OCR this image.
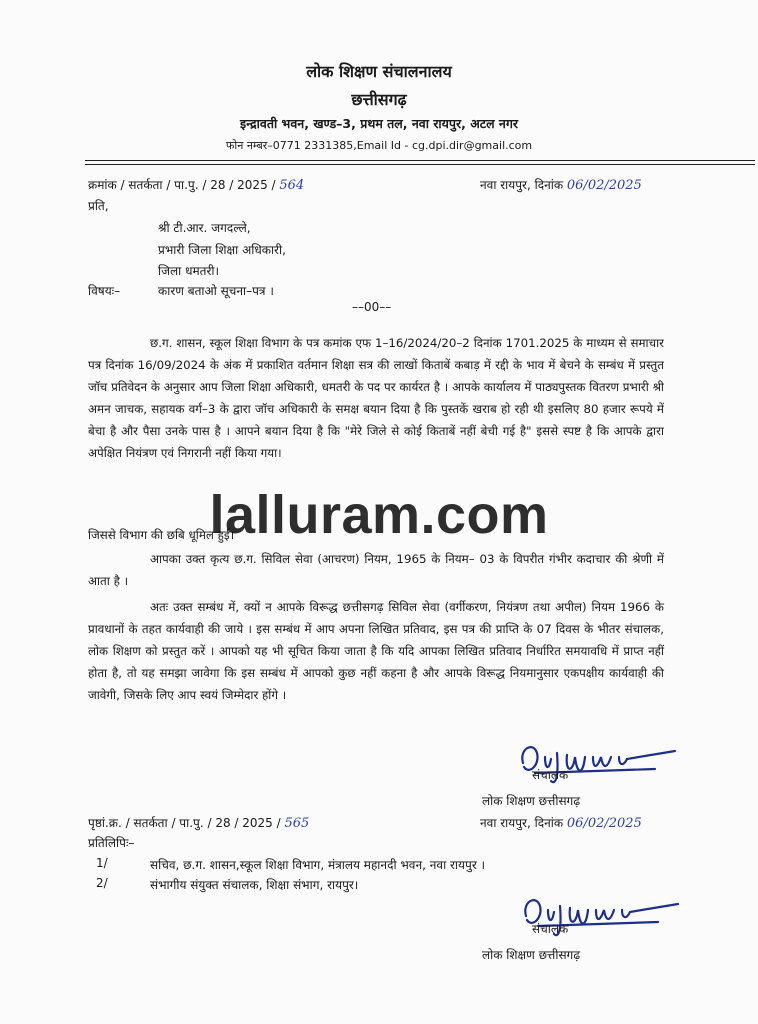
लोक शिक्षण संचालनालय
छत्तीसगढ़
इन्द्रावती भवन, खण्ड–3, प्रथम तल, नवा रायपुर, अटल नगर
फोन नम्बर–0771 2331385,Email Id - cg.dpi.dir@gmail.com
क्रमांक / सतर्कता / पा.पु. / 28 / 2025 / 564	नवा रायपुर, दिनांक 06/02/2025
प्रति,
श्री टी.आर. जगदल्ले,
प्रभारी जिला शिक्षा अधिकारी,
जिला धमतरी।
विषयः–	कारण बताओ सूचना–पत्र ।
––00––
छ.ग. शासन, स्कूल शिक्षा विभाग के पत्र कमांक एफ 1–16/2024/20–2 दिनांक 1701.2025 के माध्यम से समाचार पत्र दिनांक 16/09/2024 के अंक में प्रकाशित वर्तमान शिक्षा सत्र की लाखों किताबें कबाड़ में रद्दी के भाव में बेचने के सम्बंध में प्रस्तुत जॉच प्रतिवेदन के अनुसार आप जिला शिक्षा अधिकारी, धमतरी के पद पर कार्यरत है । आपके कार्यालय में पाठ्यपुस्तक वितरण प्रभारी श्री अमन जाचक, सहायक वर्ग–3 के द्वारा जॉच अधिकारी के समक्ष बयान दिया है कि पुस्तकें खराब हो रही थी इसलिए 80 हजार रूपये में बेचा है और पैसा उनके पास है । आपने बयान दिया है कि "मेरे जिले से कोई किताबें नहीं बेची गई है" इससे स्पष्ट है कि आपके द्वारा अपेक्षित नियंत्रण एवं निगरानी नहीं किया गया।
जिससे विभाग की छबि धूमिल हुई।
आपका उक्त कृत्य छ.ग. सिविल सेवा (आचरण) नियम, 1965 के नियम– 03 के विपरीत गंभीर कदाचार की श्रेणी में आता है ।
अतः उक्त सम्बंध में, क्यों न आपके विरूद्ध छत्तीसगढ़ सिविल सेवा (वर्गीकरण, नियंत्रण तथा अपील) नियम 1966 के प्रावधानों के तहत कार्यवाही की जाये । इस सम्बंध में आप अपना लिखित प्रतिवाद, इस पत्र की प्राप्ति के 07 दिवस के भीतर संचालक, लोक शिक्षण को प्रस्तुत करें । आपको यह भी सूचित किया जाता है कि यदि आपका लिखित प्रतिवाद निर्धारित समयावधि में प्राप्त नहीं होता है, तो यह समझा जावेगा कि इस सम्बंध में आपको कुछ नहीं कहना है और आपके विरूद्ध नियमानुसार एकपक्षीय कार्यवाही की जावेगी, जिसके लिए आप स्वयं जिम्मेदार होंगे ।
lalluram.com
संचालक
लोक शिक्षण छत्तीसगढ़
पृष्ठां.क्र. / सतर्कता / पा.पु. / 28 / 2025 / 565	नवा रायपुर, दिनांक 06/02/2025
प्रतिलिपिः–
1/	सचिव, छ.ग. शासन,स्कूल शिक्षा विभाग, मंत्रालय महानदी भवन, नवा रायपुर ।
2/	संभागीय संयुक्त संचालक, शिक्षा संभाग, रायपुर।
संचालक
लोक शिक्षण छत्तीसगढ़
